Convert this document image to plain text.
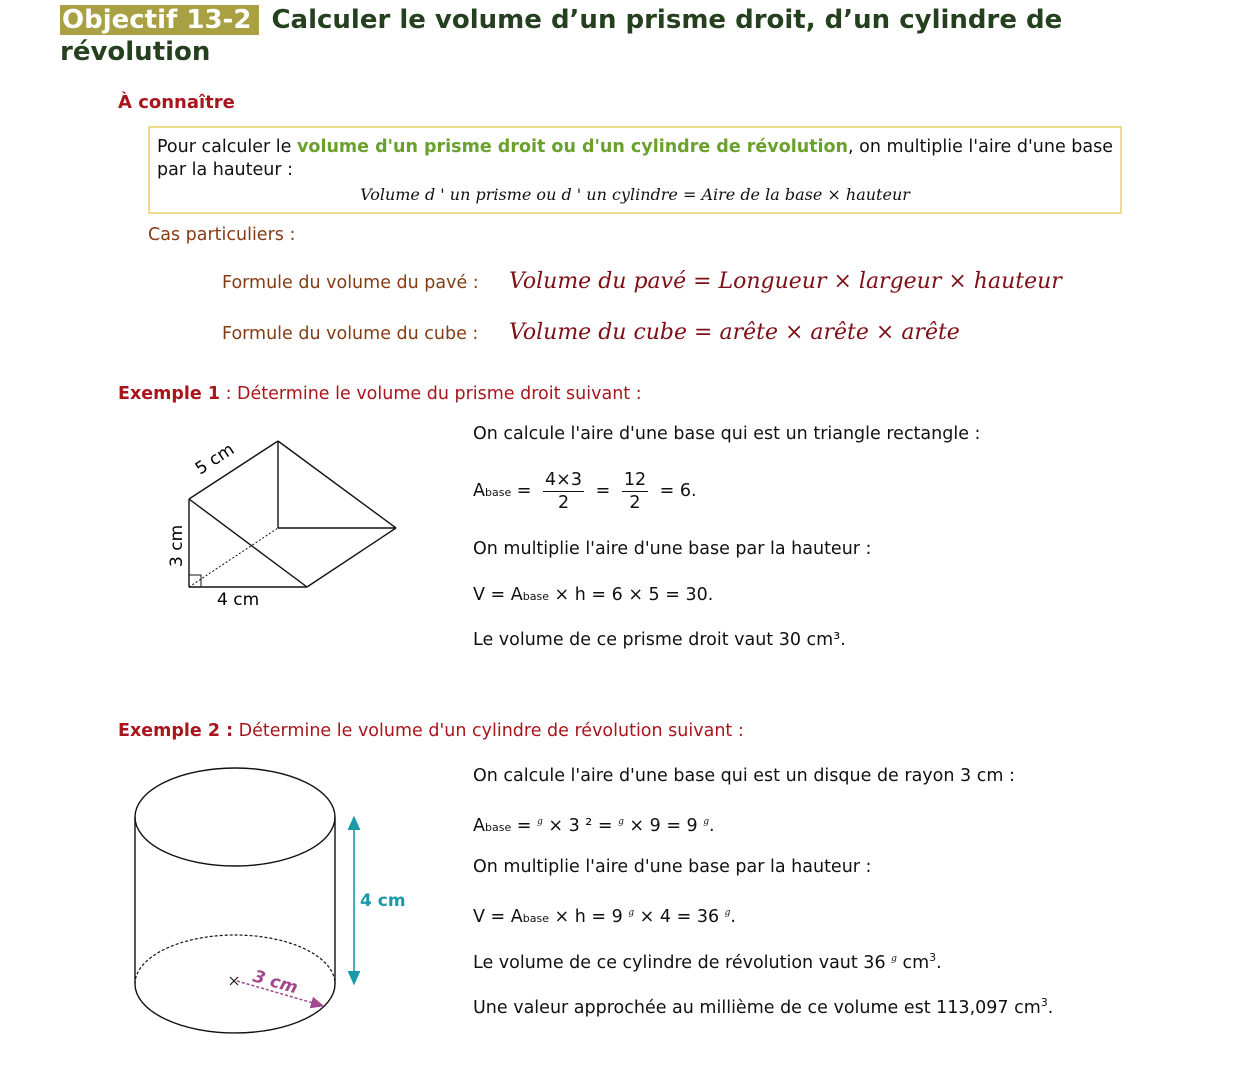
Objectif 13-2 Calculer le volume d’un prisme droit, d’un cylindre de révolution
À connaître
Pour calculer le volume d'un prisme droit ou d'un cylindre de révolution, on multiplie l'aire d'une base par la hauteur :
Volume d ' un prisme ou d ' un cylindre = Aire de la base × hauteur
Cas particuliers :
Formule du volume du pavé : Volume du pavé = Longueur × largeur × hauteur
Formule du volume du cube : Volume du cube = arête × arête × arête
Exemple 1 : Détermine le volume du prisme droit suivant :
5 cm
3 cm
4 cm
On calcule l'aire d'une base qui est un triangle rectangle :
Abase = $\frac{4\times 3}{2} = \frac{12}{2} = 6$.
On multiplie l'aire d'une base par la hauteur :
V = Abase × h = 6 × 5 = 30.
Le volume de ce prisme droit vaut 30 cm³.
Exemple 2 : Détermine le volume d'un cylindre de révolution suivant :
4 cm
3 cm
On calcule l'aire d'une base qui est un disque de rayon 3 cm :
Abase = $^g$ × 3 ² = $^g$ × 9 = 9 $^g$.
On multiplie l'aire d'une base par la hauteur :
V = Abase × h = 9 $^g$ × 4 = 36 $^g$.
Le volume de ce cylindre de révolution vaut 36 $^g$ $cm^3$.
Une valeur approchée au millième de ce volume est 113,097 $cm^3$.
